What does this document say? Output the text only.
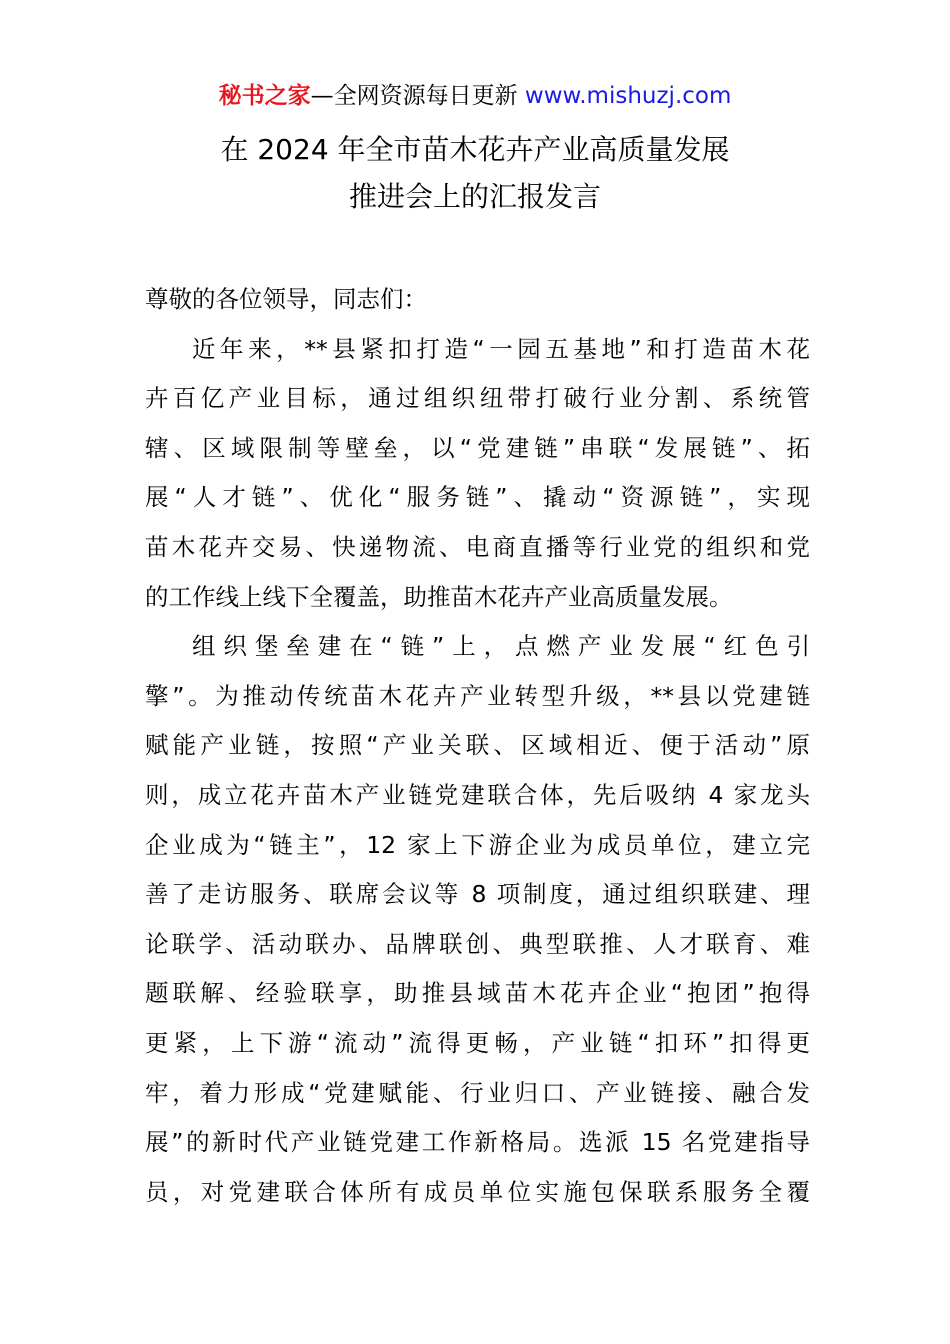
秘书之家—全网资源每日更新 www.mishuzj.com
在 2024 年全市苗木花卉产业高质量发展
推进会上的汇报发言
尊敬的各位领导，同志们：
近年来，**县紧扣打造“一园五基地”和打造苗木花
卉百亿产业目标，通过组织纽带打破行业分割、系统管
辖、区域限制等壁垒，以“党建链”串联“发展链”、拓
展“人才链”、优化“服务链”、撬动“资源链”，实现
苗木花卉交易、快递物流、电商直播等行业党的组织和党
的工作线上线下全覆盖，助推苗木花卉产业高质量发展。
组织堡垒建在“链”上，点燃产业发展“红色引
擎”。为推动传统苗木花卉产业转型升级，**县以党建链
赋能产业链，按照“产业关联、区域相近、便于活动”原
则，成立花卉苗木产业链党建联合体，先后吸纳 4 家龙头
企业成为“链主”，12 家上下游企业为成员单位，建立完
善了走访服务、联席会议等 8 项制度，通过组织联建、理
论联学、活动联办、品牌联创、典型联推、人才联育、难
题联解、经验联享，助推县域苗木花卉企业“抱团”抱得
更紧，上下游“流动”流得更畅，产业链“扣环”扣得更
牢，着力形成“党建赋能、行业归口、产业链接、融合发
展”的新时代产业链党建工作新格局。选派 15 名党建指导
员，对党建联合体所有成员单位实施包保联系服务全覆
